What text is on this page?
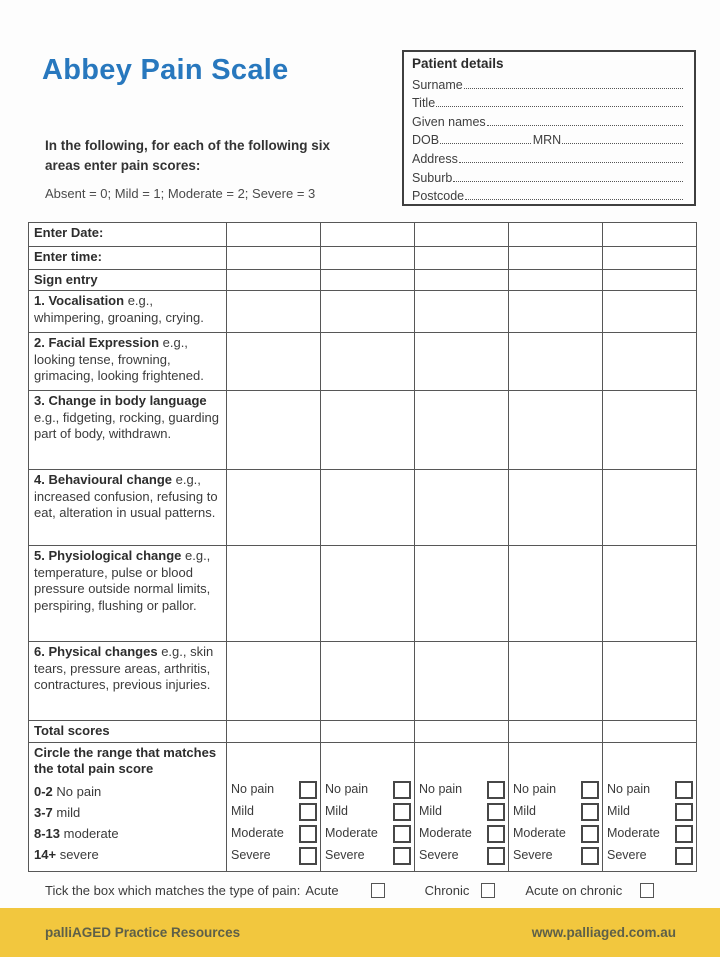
Abbey Pain Scale
In the following, for each of the following six areas enter pain scores:
Absent = 0; Mild = 1; Moderate = 2; Severe = 3
Patient details
Surname
Title
Given names
DOB	MRN
Address
Suburb
Postcode
Enter Date:					
Enter time:					
Sign entry					
1. Vocalisation e.g., whimpering, groaning, crying.					
2. Facial Expression e.g., looking tense, frowning, grimacing, looking frightened.					
3. Change in body language e.g., fidgeting, rocking, guarding part of body, withdrawn.					
4. Behavioural change e.g., increased confusion, refusing to eat, alteration in usual patterns.					
5. Physiological change e.g., temperature, pulse or blood pressure outside normal limits, perspiring, flushing or pallor.					
6. Physical changes e.g., skin tears, pressure areas, arthritis, contractures, previous injuries.					
Total scores					

Circle the range that matches the total pain score
0-2 No pain
3-7 mild
8-13 moderate
14+ severe

No pain
Mild
Moderate
Severe

No pain
Mild
Moderate
Severe

No pain
Mild
Moderate
Severe

No pain
Mild
Moderate
Severe

No pain
Mild
Moderate
Severe
Tick the box which matches the type of pain: Acute	Chronic	Acute on chronic
palliAGED Practice Resources	www.palliaged.com.au
